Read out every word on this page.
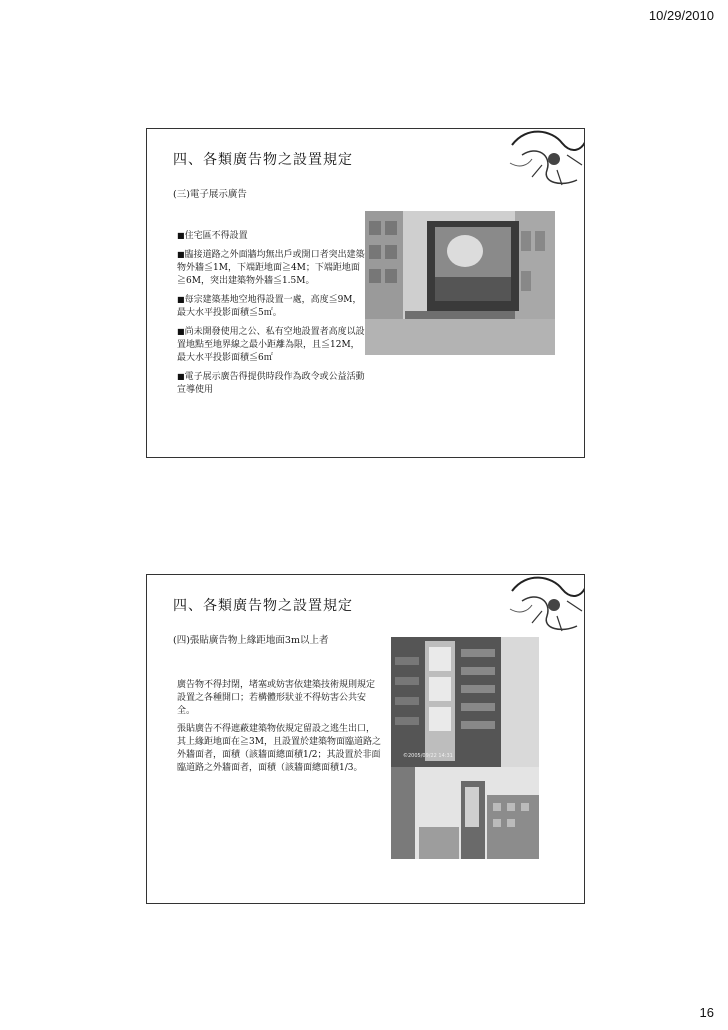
10/29/2010
四、各類廣告物之設置規定
(三)電子展示廣告

■ 住宅區不得設置

■ 臨接道路之外面牆均無出戶或開口者突出建築物外牆≦1M，下端距地面≧4M；下端距地面≧6M，突出建築物外牆≦1.5M。

■ 每宗建築基地空地得設置一處，高度≦9M，最大水平投影面積≦5㎡。

■ 尚未開發使用之公、私有空地設置者高度以設置地點至地界線之最小距離為限，且≦12M，最大水平投影面積≦6㎡

■ 電子展示廣告得提供時段作為政令或公益活動宣導使用

四、各類廣告物之設置規定
(四)張貼廣告物上緣距地面3m以上者

廣告物不得封閉，堵塞或妨害依建築技術規則規定設置之各種開口；若構體形狀並不得妨害公共安全。

張貼廣告不得遮蔽建築物依規定留設之逃生出口，其上緣距地面在≧3M，且設置於建築物面臨道路之外牆面者，面積（該牆面總面積1/2；其設置於非面臨道路之外牆面者，面積（該牆面總面積1/3。

©2005/09/22 14:31
16
